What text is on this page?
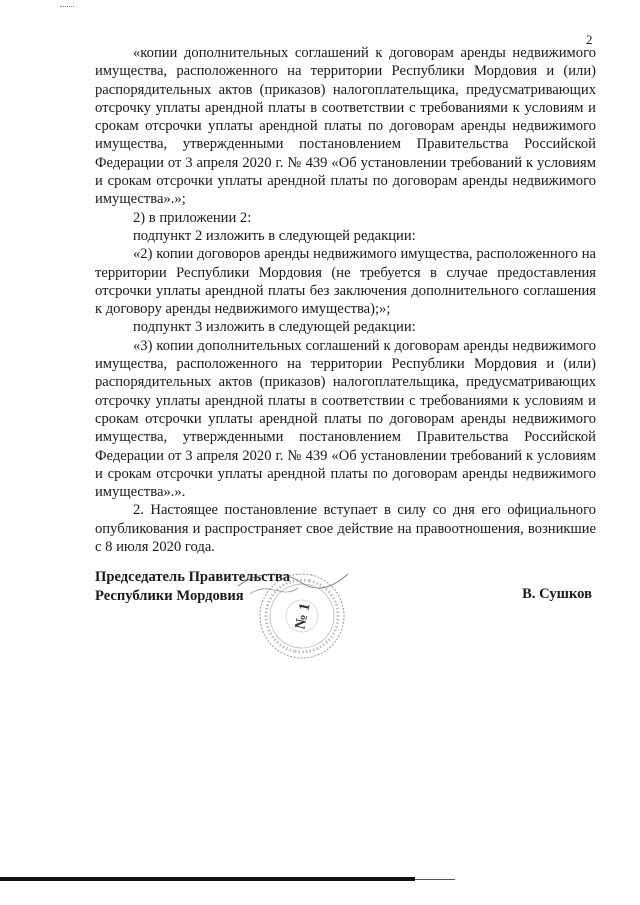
2

«копии дополнительных соглашений к договорам аренды недвижимого имущества, расположенного на территории Республики Мордовия и (или) распорядительных актов (приказов) налогоплательщика, предусматривающих отсрочку уплаты арендной платы в соответствии с требованиями к условиям и срокам отсрочки уплаты арендной платы по договорам аренды недвижимого имущества, утвержденными постановлением Правительства Российской Федерации от 3 апреля 2020 г. № 439 «Об установлении требований к условиям и срокам отсрочки уплаты арендной платы по договорам аренды недвижимого имущества».»;

2) в приложении 2:

подпункт 2 изложить в следующей редакции:

«2) копии договоров аренды недвижимого имущества, расположенного на территории Республики Мордовия (не требуется в случае предоставления отсрочки уплаты арендной платы без заключения дополнительного соглашения к договору аренды недвижимого имущества);»;

подпункт 3 изложить в следующей редакции:

«3) копии дополнительных соглашений к договорам аренды недвижимого имущества, расположенного на территории Республики Мордовия и (или) распорядительных актов (приказов) налогоплательщика, предусматривающих отсрочку уплаты арендной платы в соответствии с требованиями к условиям и срокам отсрочки уплаты арендной платы по договорам аренды недвижимого имущества, утвержденными постановлением Правительства Российской Федерации от 3 апреля 2020 г. № 439 «Об установлении требований к условиям и срокам отсрочки уплаты арендной платы по договорам аренды недвижимого имущества».».

2. Настоящее постановление вступает в силу со дня его официального опубликования и распространяет свое действие на правоотношения, возникшие с 8 июля 2020 года.

Председатель Правительства
Республики Мордовия	В. Сушков
№ 1
